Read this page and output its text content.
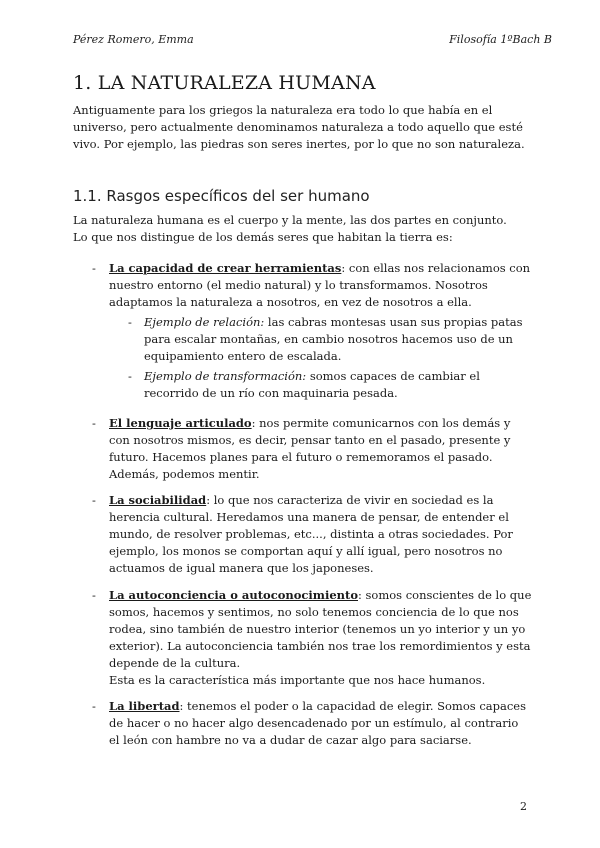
Pérez Romero, Emma	Filosofía 1ºBach B
1. LA NATURALEZA HUMANA
Antiguamente para los griegos la naturaleza era todo lo que había en el universo, pero actualmente denominamos naturaleza a todo aquello que esté vivo. Por ejemplo, las piedras son seres inertes, por lo que no son naturaleza.
1.1. Rasgos específicos del ser humano
La naturaleza humana es el cuerpo y la mente, las dos partes en conjunto.
Lo que nos distingue de los demás seres que habitan la tierra es:
- La capacidad de crear herramientas: con ellas nos relacionamos con nuestro entorno (el medio natural) y lo transformamos. Nosotros adaptamos la naturaleza a nosotros, en vez de nosotros a ella.
- Ejemplo de relación: las cabras montesas usan sus propias patas para escalar montañas, en cambio nosotros hacemos uso de un equipamiento entero de escalada.
- Ejemplo de transformación: somos capaces de cambiar el recorrido de un río con maquinaria pesada.
- El lenguaje articulado: nos permite comunicarnos con los demás y con nosotros mismos, es decir, pensar tanto en el pasado, presente y futuro. Hacemos planes para el futuro o rememoramos el pasado. Además, podemos mentir.
- La sociabilidad: lo que nos caracteriza de vivir en sociedad es la herencia cultural. Heredamos una manera de pensar, de entender el mundo, de resolver problemas, etc..., distinta a otras sociedades. Por ejemplo, los monos se comportan aquí y allí igual, pero nosotros no actuamos de igual manera que los japoneses.
- La autoconciencia o autoconocimiento: somos conscientes de lo que somos, hacemos y sentimos, no solo tenemos conciencia de lo que nos rodea, sino también de nuestro interior (tenemos un yo interior y un yo exterior). La autoconciencia también nos trae los remordimientos y esta depende de la cultura.
Esta es la característica más importante que nos hace humanos.
- La libertad: tenemos el poder o la capacidad de elegir. Somos capaces de hacer o no hacer algo desencadenado por un estímulo, al contrario el león con hambre no va a dudar de cazar algo para saciarse.
2
